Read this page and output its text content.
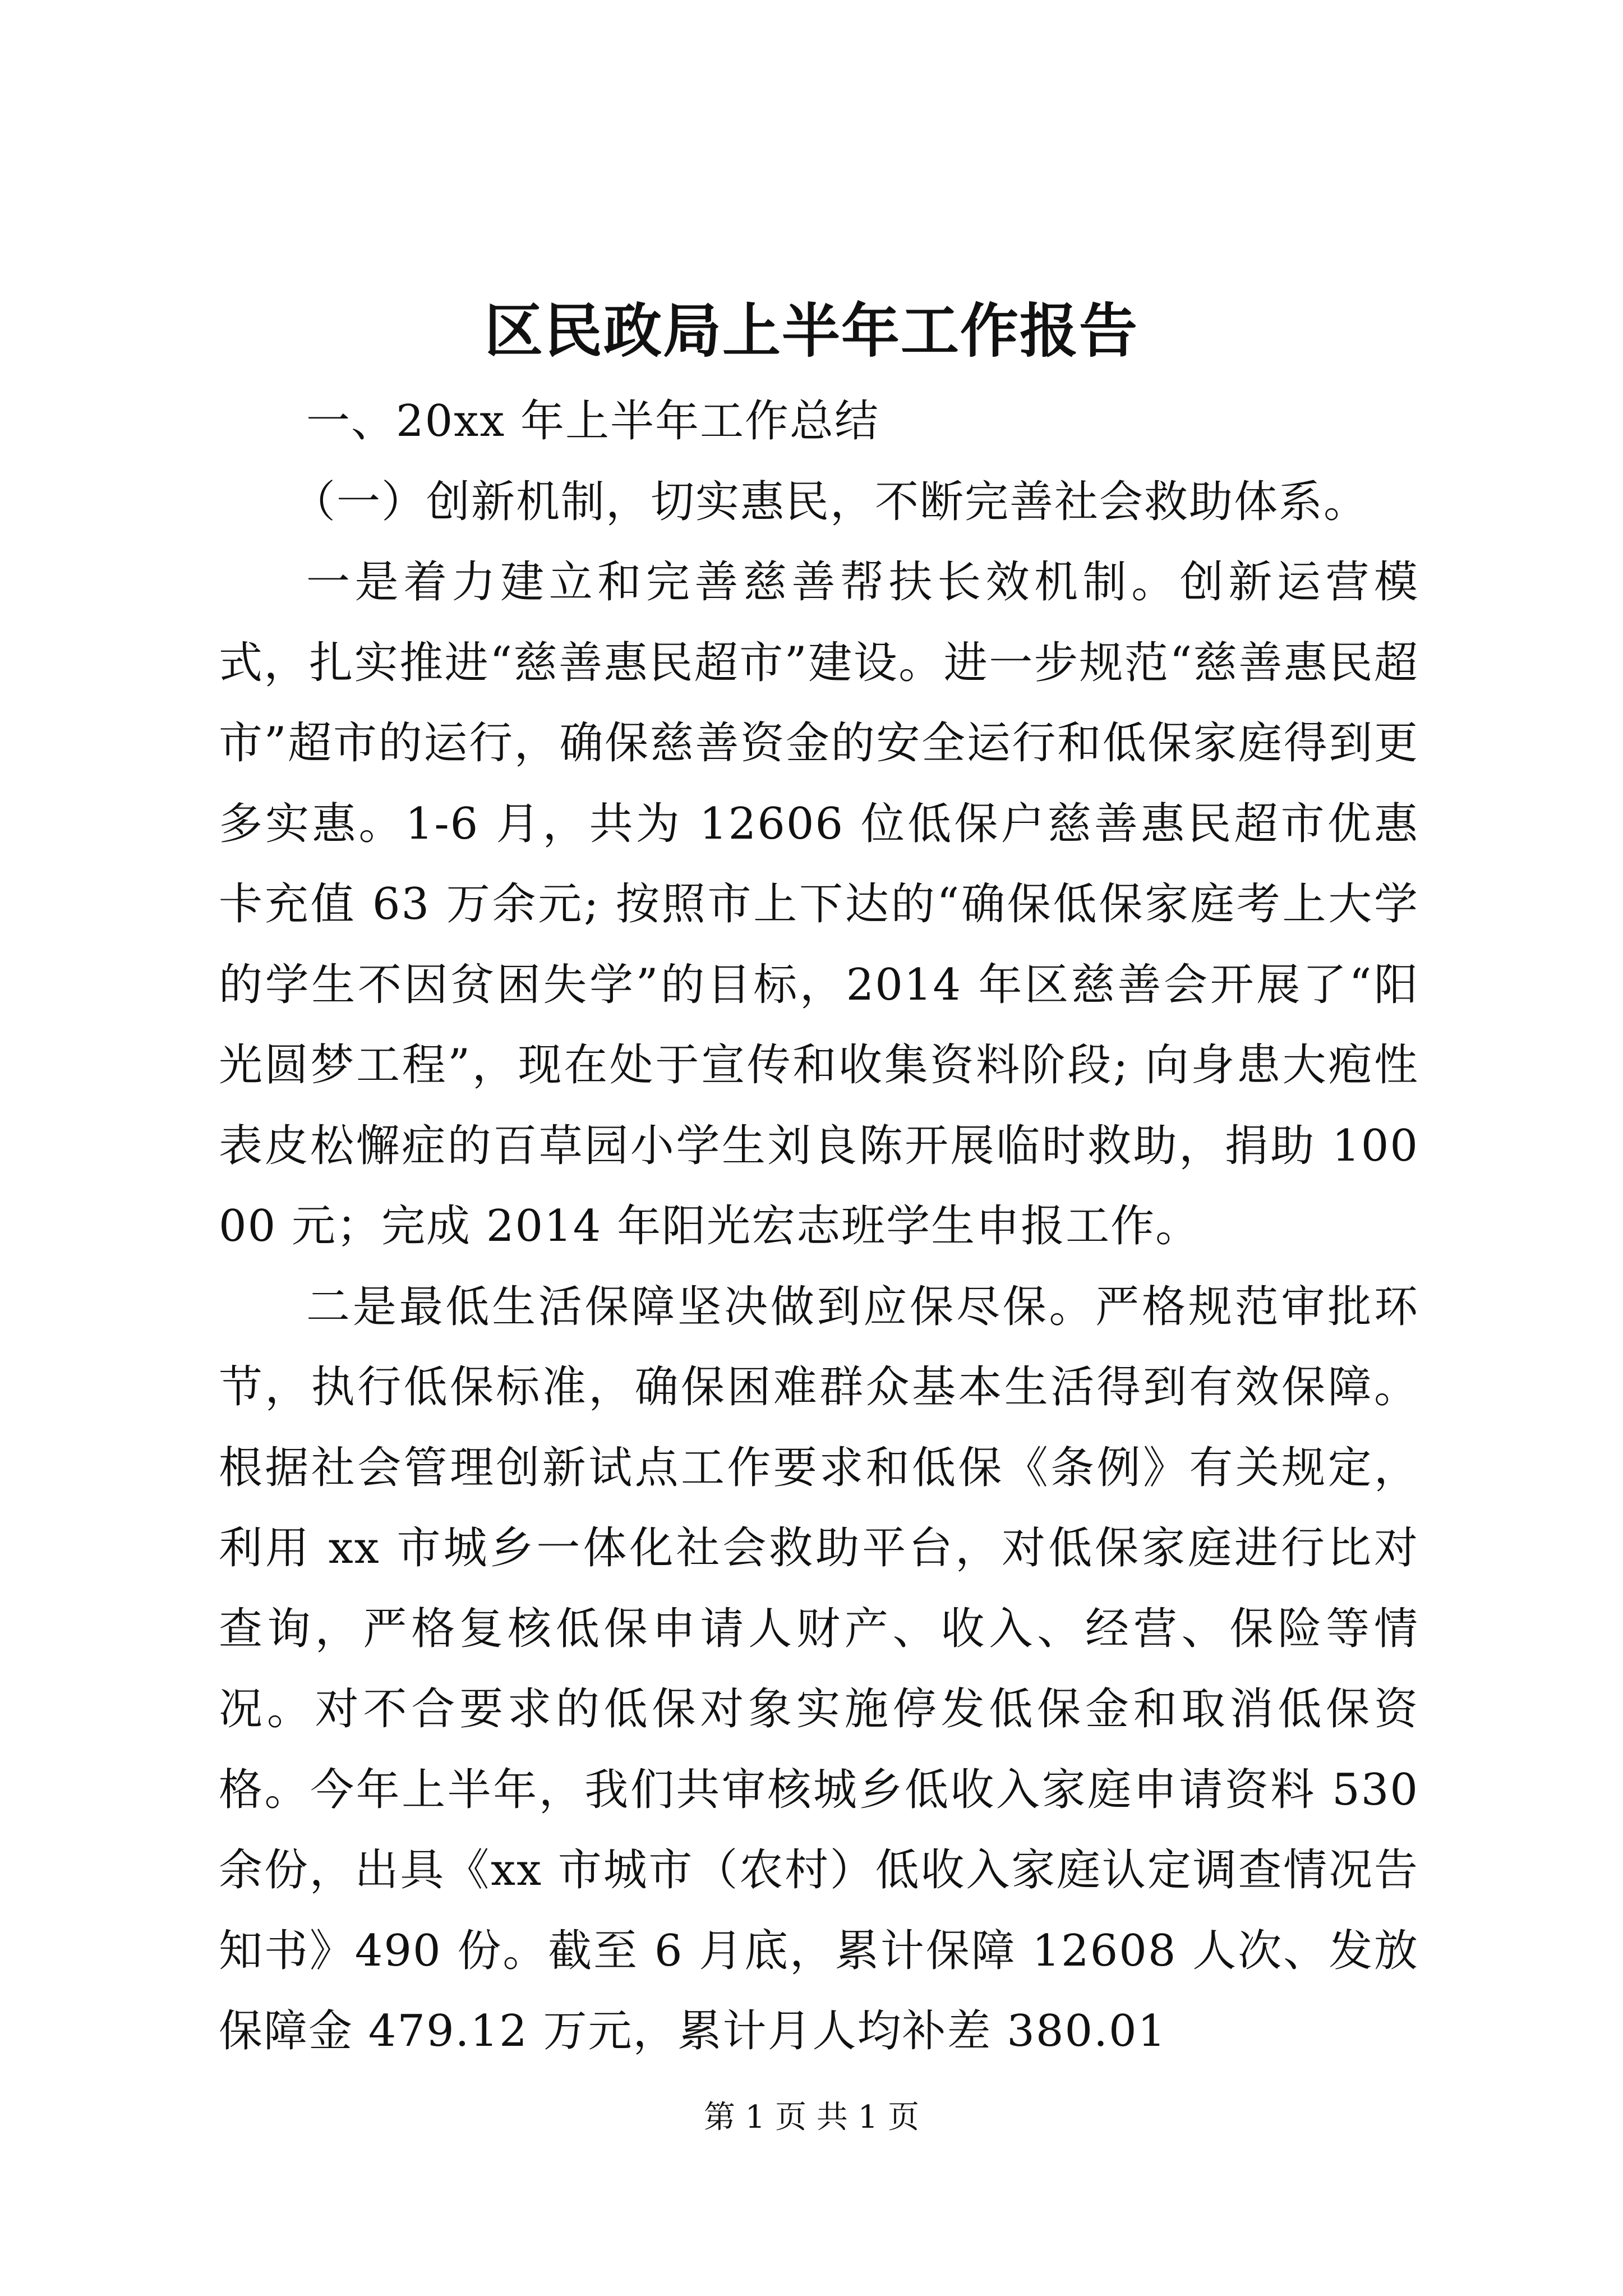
区民政局上半年工作报告

一、20xx 年上半年工作总结

（一）创新机制，切实惠民，不断完善社会救助体系。

一是着力建立和完善慈善帮扶长效机制。创新运营模式，扎实推进“慈善惠民超市”建设。进一步规范“慈善惠民超市”超市的运行，确保慈善资金的安全运行和低保家庭得到更多实惠。1-6 月，共为 12606 位低保户慈善惠民超市优惠卡充值 63 万余元; 按照市上下达的“确保低保家庭考上大学的学生不因贫困失学”的目标，2014 年区慈善会开展了“阳光圆梦工程”，现在处于宣传和收集资料阶段; 向身患大疱性表皮松懈症的百草园小学生刘良陈开展临时救助，捐助 10000 元；完成 2014 年阳光宏志班学生申报工作。

二是最低生活保障坚决做到应保尽保。严格规范审批环节，执行低保标准，确保困难群众基本生活得到有效保障。根据社会管理创新试点工作要求和低保《条例》有关规定，利用 xx 市城乡一体化社会救助平台，对低保家庭进行比对查询，严格复核低保申请人财产、收入、经营、保险等情况。对不合要求的低保对象实施停发低保金和取消低保资格。今年上半年，我们共审核城乡低收入家庭申请资料 530 余份，出具《xx 市城市（农村）低收入家庭认定调查情况告知书》490 份。截至 6 月底，累计保障 12608 人次、发放保障金 479.12 万元，累计月人均补差 380.01

第 1 页 共 1 页
